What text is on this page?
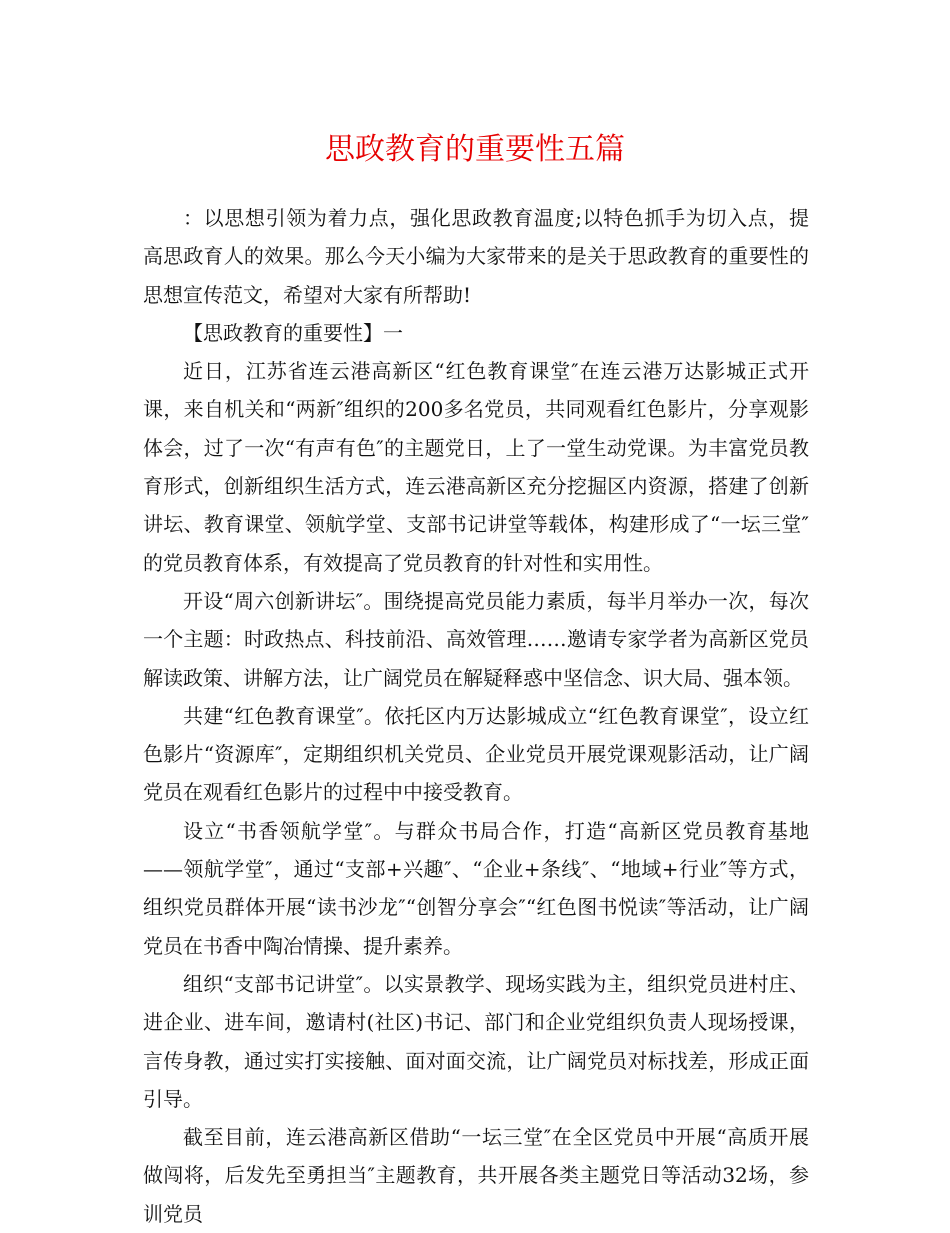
思政教育的重要性五篇

：以思想引领为着力点，强化思政教育温度;以特色抓手为切入点，提高思政育人的效果。那么今天小编为大家带来的是关于思政教育的重要性的思想宣传范文，希望对大家有所帮助!

【思政教育的重要性】一

近日，江苏省连云港高新区“红色教育课堂″在连云港万达影城正式开课，来自机关和“两新″组织的200多名党员，共同观看红色影片，分享观影体会，过了一次“有声有色″的主题党日，上了一堂生动党课。为丰富党员教育形式，创新组织生活方式，连云港高新区充分挖掘区内资源，搭建了创新讲坛、教育课堂、领航学堂、支部书记讲堂等载体，构建形成了“一坛三堂″的党员教育体系，有效提高了党员教育的针对性和实用性。

开设“周六创新讲坛″。围绕提高党员能力素质，每半月举办一次，每次一个主题：时政热点、科技前沿、高效管理……邀请专家学者为高新区党员解读政策、讲解方法，让广阔党员在解疑释惑中坚信念、识大局、强本领。

共建“红色教育课堂″。依托区内万达影城成立“红色教育课堂″，设立红色影片“资源库″，定期组织机关党员、企业党员开展党课观影活动，让广阔党员在观看红色影片的过程中中接受教育。

设立“书香领航学堂″。与群众书局合作，打造“高新区党员教育基地——领航学堂″，通过“支部+兴趣″、“企业+条线″、“地域+行业″等方式，组织党员群体开展“读书沙龙″“创智分享会″“红色图书悦读″等活动，让广阔党员在书香中陶冶情操、提升素养。

组织“支部书记讲堂″。以实景教学、现场实践为主，组织党员进村庄、进企业、进车间，邀请村(社区)书记、部门和企业党组织负责人现场授课，言传身教，通过实打实接触、面对面交流，让广阔党员对标找差，形成正面引导。

截至目前，连云港高新区借助“一坛三堂″在全区党员中开展“高质开展做闯将，后发先至勇担当″主题教育，共开展各类主题党日等活动32场，参训党员
